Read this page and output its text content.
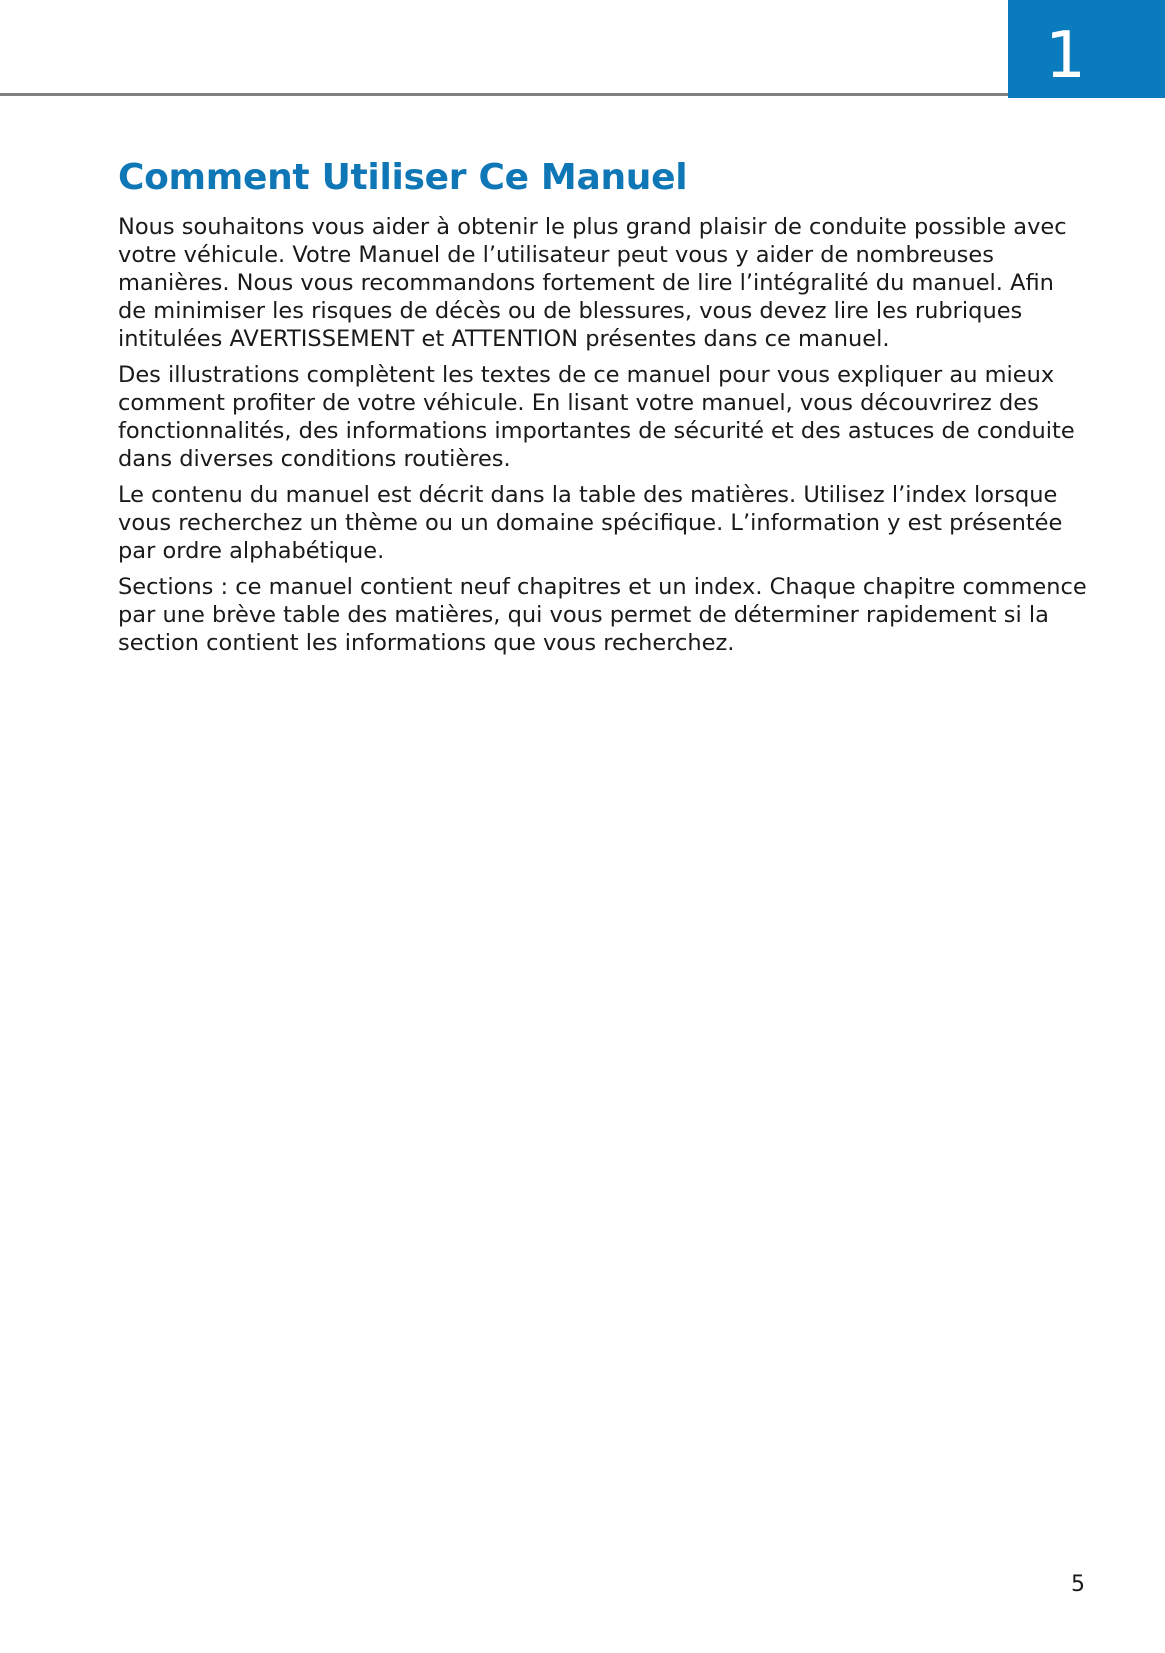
1
Comment Utiliser Ce Manuel

Nous souhaitons vous aider à obtenir le plus grand plaisir de conduite possible avec votre véhicule. Votre Manuel de l’utilisateur peut vous y aider de nombreuses manières. Nous vous recommandons fortement de lire l’intégralité du manuel. Afin de minimiser les risques de décès ou de blessures, vous devez lire les rubriques intitulées AVERTISSEMENT et ATTENTION présentes dans ce manuel.

Des illustrations complètent les textes de ce manuel pour vous expliquer au mieux comment profiter de votre véhicule. En lisant votre manuel, vous découvrirez des fonctionnalités, des informations importantes de sécurité et des astuces de conduite dans diverses conditions routières.

Le contenu du manuel est décrit dans la table des matières. Utilisez l’index lorsque vous recherchez un thème ou un domaine spécifique. L’information y est présentée par ordre alphabétique.

Sections : ce manuel contient neuf chapitres et un index. Chaque chapitre commence par une brève table des matières, qui vous permet de déterminer rapidement si la section contient les informations que vous recherchez.

5
